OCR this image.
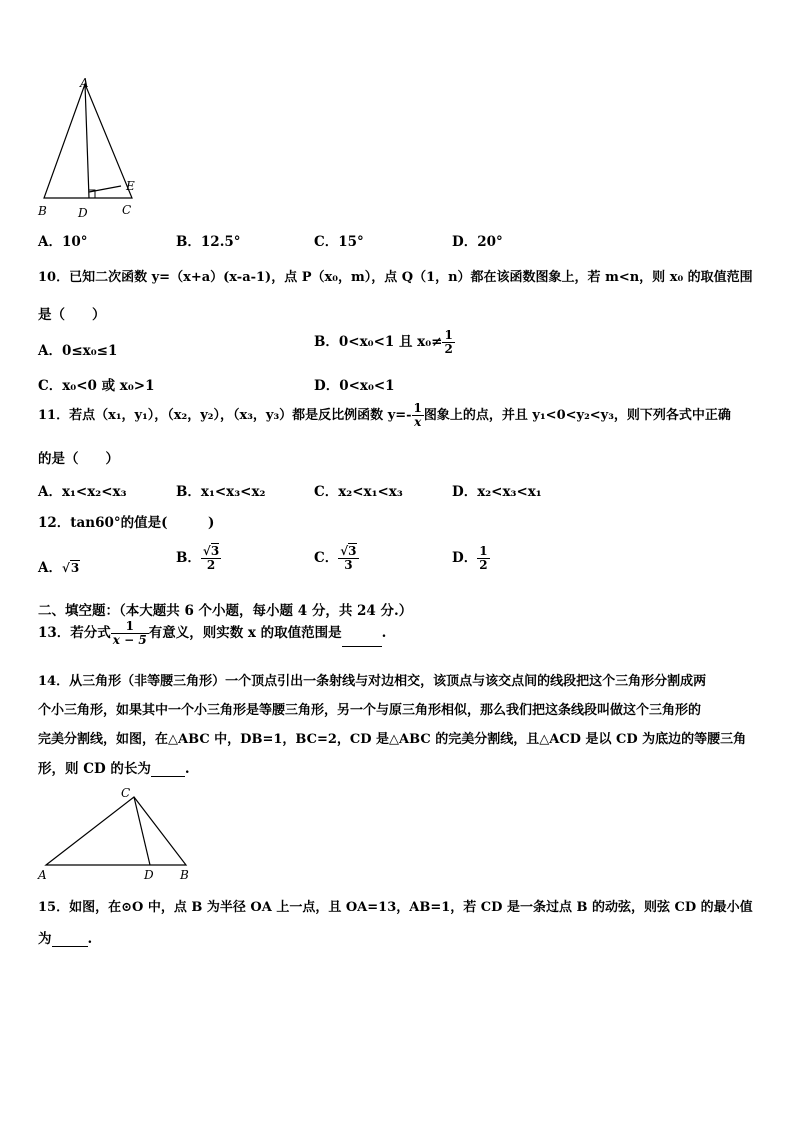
A
B	D	C
E
A．10°	B．12.5°	C．15°	D．20°
10．已知二次函数 y=（x+a）(x-a-1)，点 P（x₀，m），点 Q（1，n）都在该函数图象上，若 m<n，则 x₀ 的取值范围
是（　　）
A．0≤x₀≤1
B．0<x₀<1 且 $x_0\ne \frac{1}{2}$
C．x₀<0 或 x₀>1	D．0<x₀<1
11．若点（x₁，y₁），（x₂，y₂），（x₃，y₃）都是反比例函数 $y=- \frac{1}{x}$ 图象上的点，并且 y₁<0<y₂<y₃，则下列各式中正确
的是（　　）
A．x₁<x₂<x₃	B．x₁<x₃<x₂	C．x₂<x₁<x₃	D．x₂<x₃<x₁
12．tan60°的值是(　　　)
A．√3
B． $\frac{√3}{2}$	C． $\frac{√3}{3}$	D． $\frac{1}{2}$
二、填空题：（本大题共 6 个小题，每小题 4 分，共 24 分.）
13．若分式 $\frac{1}{x - 5}$ 有意义，则实数 x 的取值范围是	.
14．从三角形（非等腰三角形）一个顶点引出一条射线与对边相交，该顶点与该交点间的线段把这个三角形分割成两
个小三角形，如果其中一个小三角形是等腰三角形，另一个与原三角形相似，那么我们把这条线段叫做这个三角形的
完美分割线，如图，在△ABC 中，DB=1，BC=2，CD 是△ABC 的完美分割线，且△ACD 是以 CD 为底边的等腰三角
形，则 CD 的长为	.
C
A	D B
15．如图，在⊙O 中，点 B 为半径 OA 上一点，且 OA=13，AB=1，若 CD 是一条过点 B 的动弦，则弦 CD 的最小值
为	.
